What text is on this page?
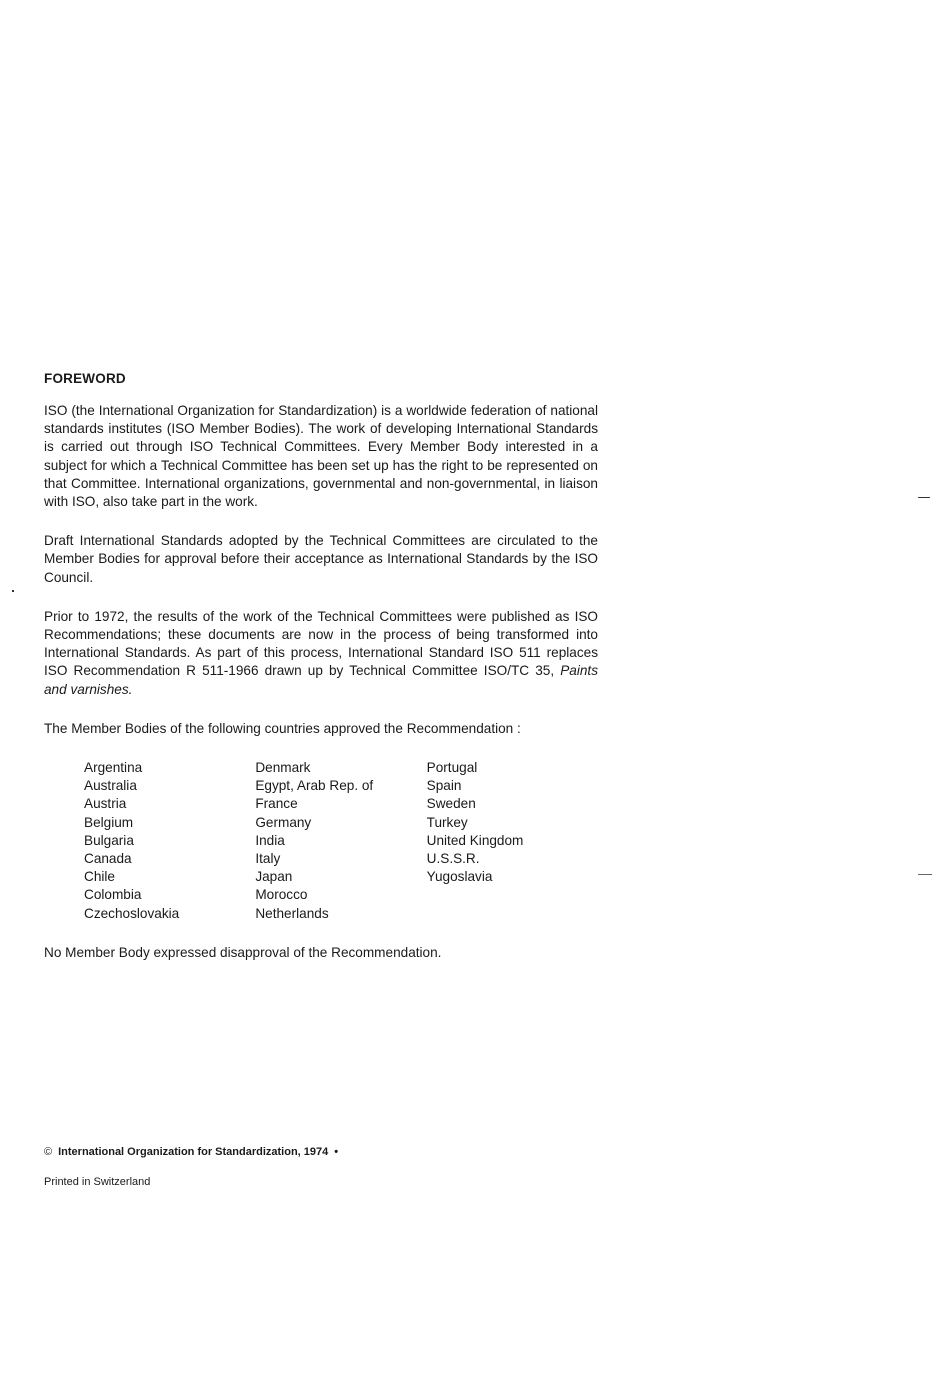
FOREWORD

ISO (the International Organization for Standardization) is a worldwide federation of national standards institutes (ISO Member Bodies). The work of developing International Standards is carried out through ISO Technical Committees. Every Member Body interested in a subject for which a Technical Committee has been set up has the right to be represented on that Committee. International organizations, governmental and non-governmental, in liaison with ISO, also take part in the work.

Draft International Standards adopted by the Technical Committees are circulated to the Member Bodies for approval before their acceptance as International Standards by the ISO Council.

Prior to 1972, the results of the work of the Technical Committees were published as ISO Recommendations; these documents are now in the process of being transformed into International Standards. As part of this process, International Standard ISO 511 replaces ISO Recommendation R 511-1966 drawn up by Technical Committee ISO/TC 35, Paints and varnishes.

The Member Bodies of the following countries approved the Recommendation :

Argentina
Australia
Austria
Belgium
Bulgaria
Canada
Chile
Colombia
Czechoslovakia
Denmark
Egypt, Arab Rep. of
France
Germany
India
Italy
Japan
Morocco
Netherlands
Portugal
Spain
Sweden
Turkey
United Kingdom
U.S.S.R.
Yugoslavia

No Member Body expressed disapproval of the Recommendation.

© International Organization for Standardization, 1974 •
Printed in Switzerland
